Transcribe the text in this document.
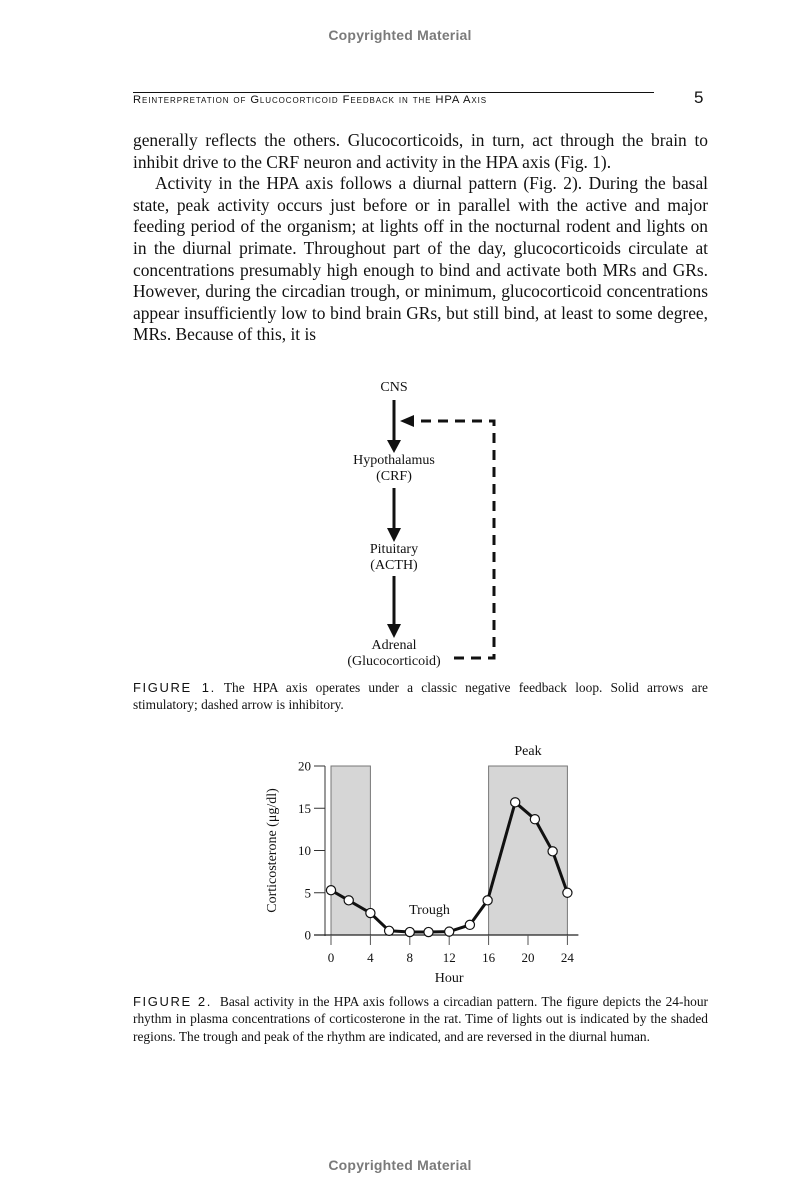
Copyrighted Material
Reinterpretation of Glucocorticoid Feedback in the HPA Axis	5

generally reflects the others. Glucocorticoids, in turn, act through the brain to inhibit drive to the CRF neuron and activity in the HPA axis (Fig. 1).

Activity in the HPA axis follows a diurnal pattern (Fig. 2). During the basal state, peak activity occurs just before or in parallel with the active and major feeding period of the organism; at lights off in the nocturnal rodent and lights on in the diurnal primate. Throughout part of the day, glucocorticoids circulate at concentrations presumably high enough to bind and activate both MRs and GRs. However, during the circadian trough, or minimum, glucocorticoid concentrations appear insufficiently low to bind brain GRs, but still bind, at least to some degree, MRs. Because of this, it is

CNS
Hypothalamus
(CRF)
Pituitary
(ACTH)
Adrenal
(Glucocorticoid)
FIGURE 1. The HPA axis operates under a classic negative feedback loop. Solid arrows are stimulatory; dashed arrow is inhibitory.
0
5
10
15
20
0	4	8 12 16 20 24
Hour
Corticosterone (μg/dl)	Trough
Peak
FIGURE 2. Basal activity in the HPA axis follows a circadian pattern. The figure depicts the 24-hour rhythm in plasma concentrations of corticosterone in the rat. Time of lights out is indicated by the shaded regions. The trough and peak of the rhythm are indicated, and are reversed in the diurnal human.
Copyrighted Material
